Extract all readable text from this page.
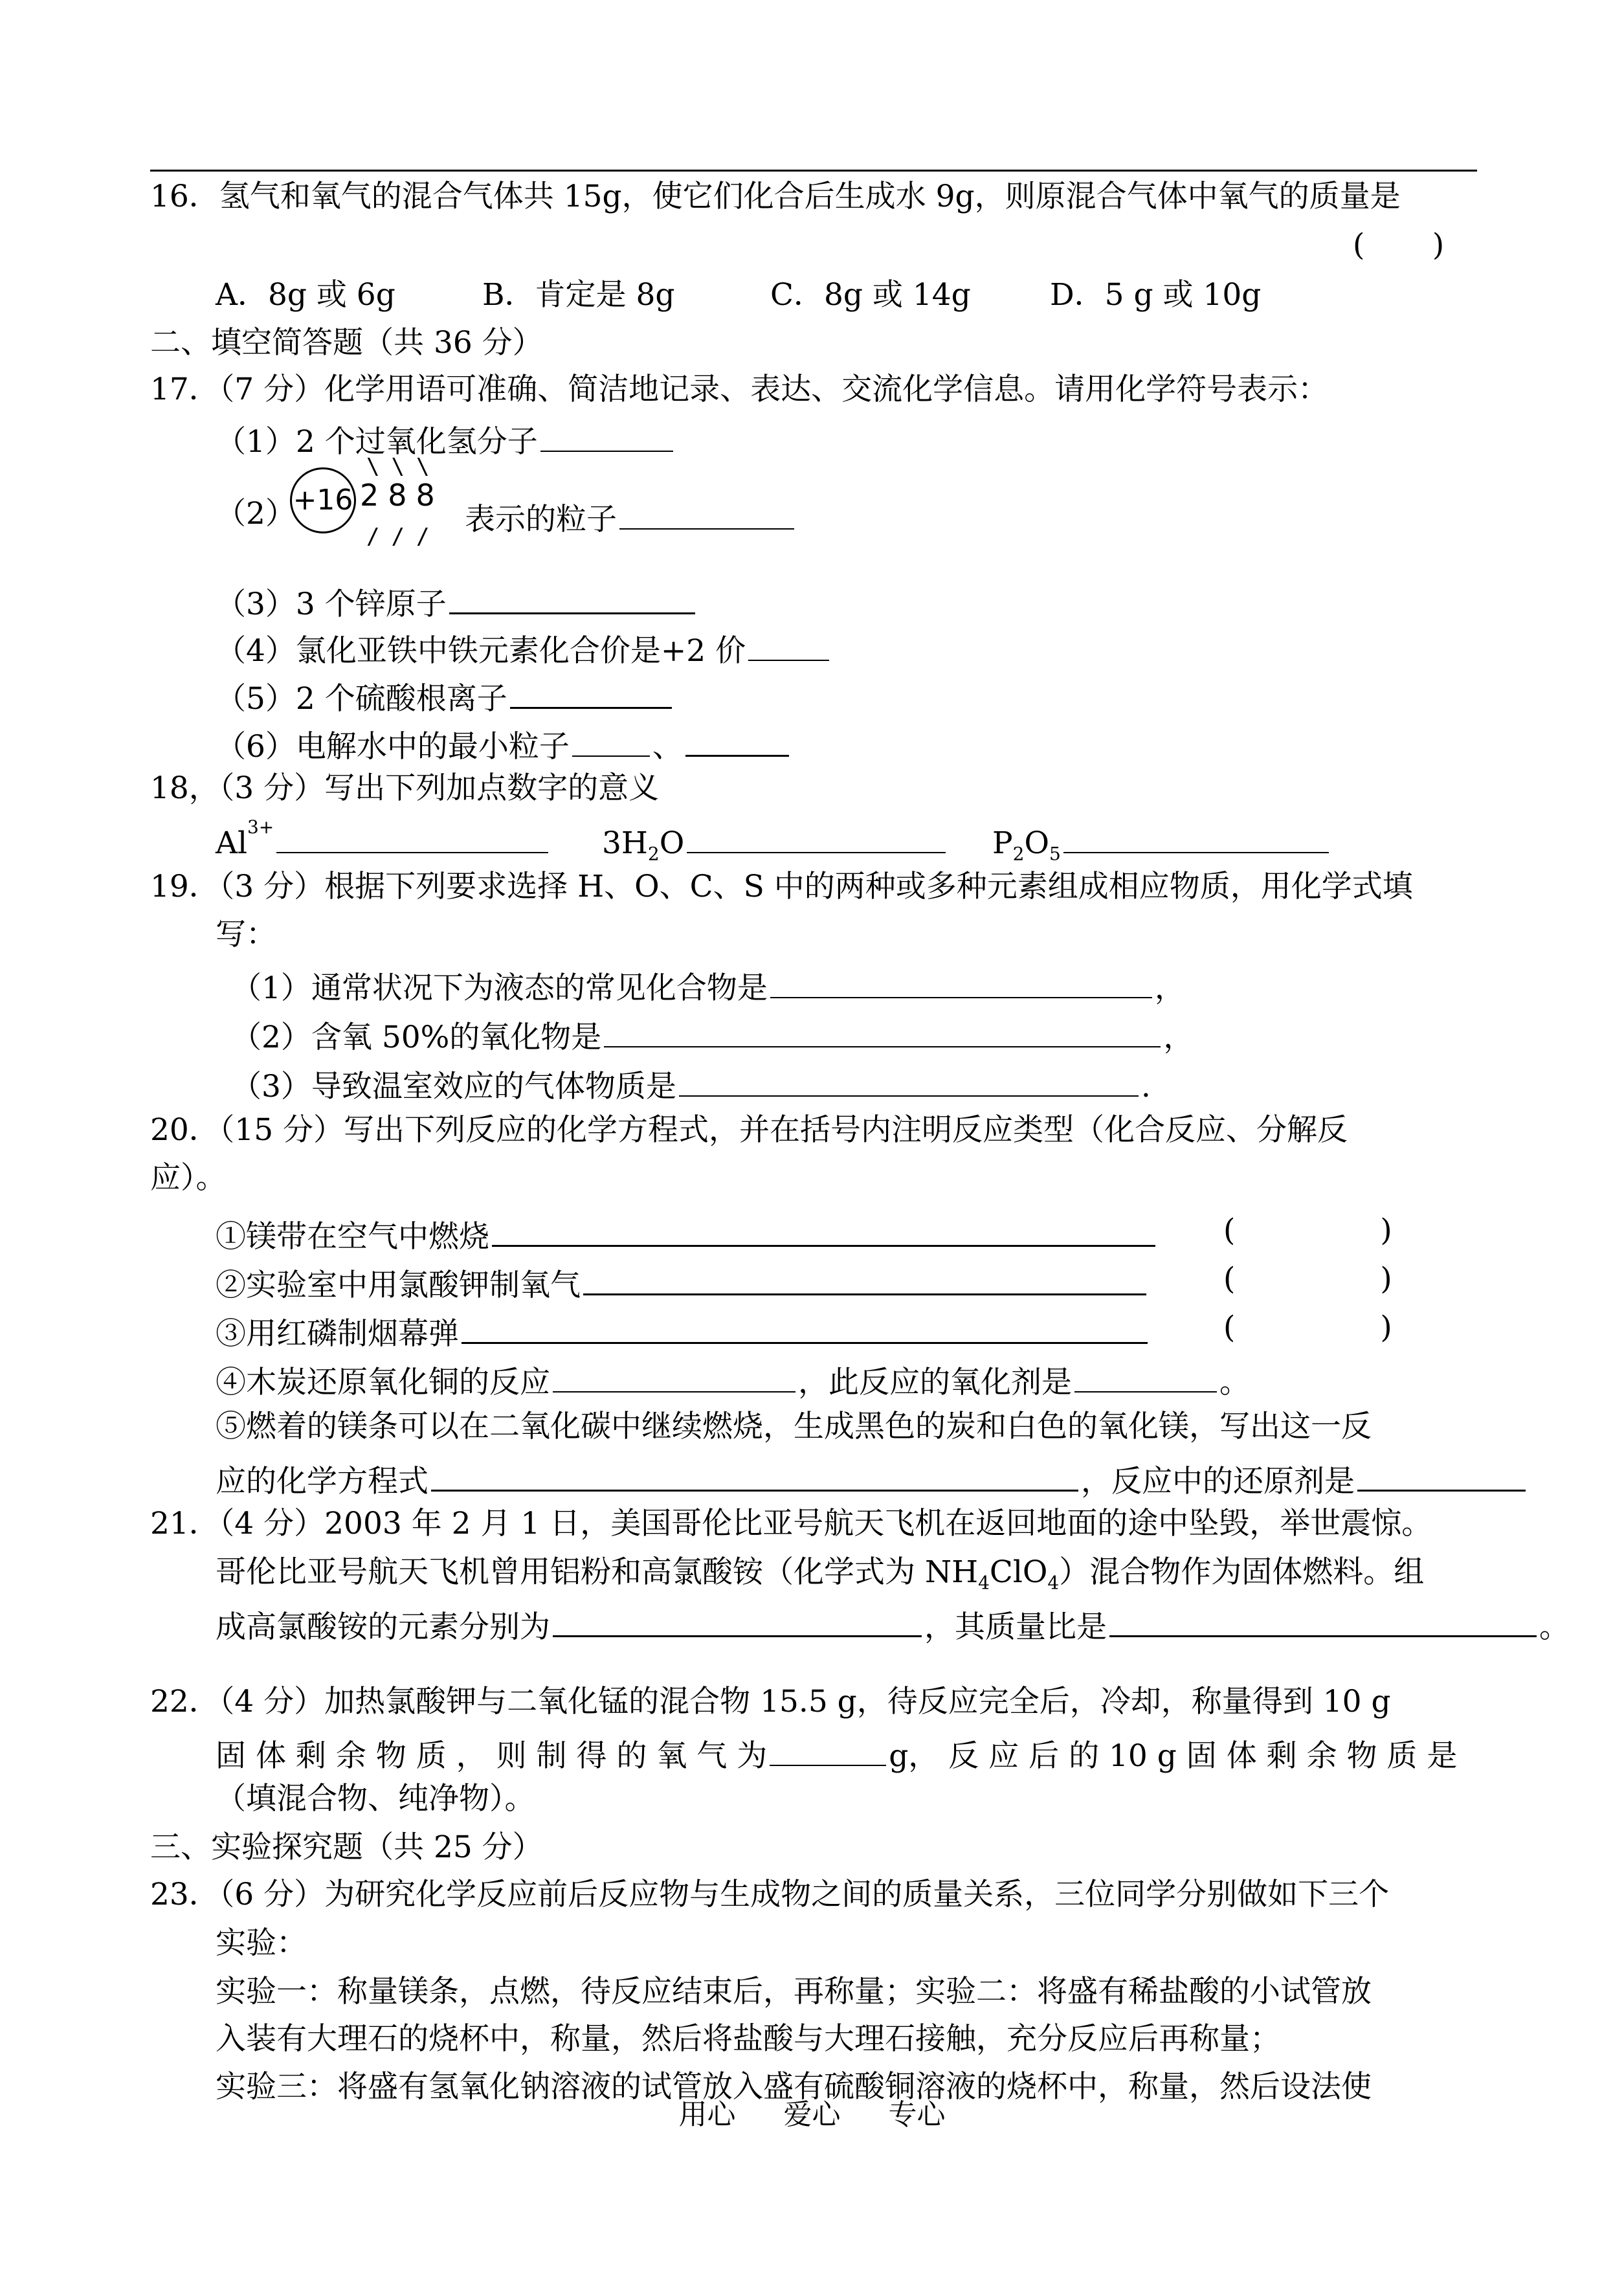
16．氢气和氧气的混合气体共 15g，使它们化合后生成水 9g，则原混合气体中氧气的质量是
(       )
A．8g 或 6g	B．肯定是 8g	C．8g 或 14g	D．5 g 或 10g
二、填空简答题（共 36 分）
17．（7 分）化学用语可准确、简洁地记录、表达、交流化学信息。请用化学符号表示：
（1）2 个过氧化氢分子
（2）
\\\
+16 288
/// 表示的粒子
（3）3 个锌原子
（4）氯化亚铁中铁元素化合价是+2 价
（5）2 个硫酸根离子
（6）电解水中的最小粒子	、
18，（3 分）写出下列加点数字的意义
$Al^{3+}$	$3H_2O$	$P_2O_5$
19．（3 分）根据下列要求选择 H、O、C、S 中的两种或多种元素组成相应物质，用化学式填
写：
（1）通常状况下为液态的常见化合物是	，
（2）含氧 50%的氧化物是	，
（3）导致温室效应的气体物质是	.
20．（15 分）写出下列反应的化学方程式，并在括号内注明反应类型（化合反应、分解反
应）。
①镁带在空气中燃烧	(               )
②实验室中用氯酸钾制氧气	(               )
③用红磷制烟幕弹	(               )
④木炭还原氧化铜的反应	，此反应的氧化剂是	。
⑤燃着的镁条可以在二氧化碳中继续燃烧，生成黑色的炭和白色的氧化镁，写出这一反
应的化学方程式	，反应中的还原剂是
21．（4 分）2003 年 2 月 1 日，美国哥伦比亚号航天飞机在返回地面的途中坠毁，举世震惊。
哥伦比亚号航天飞机曾用铝粉和高氯酸铵（化学式为 $NH_4ClO_4$）混合物作为固体燃料。组
成高氯酸铵的元素分别为	，其质量比是	。
22．（4 分）加热氯酸钾与二氧化锰的混合物 15.5 g，待反应完全后，冷却，称量得到 10 g
固 体 剩 余 物 质 ， 则 制 得 的 氧 气 为	g， 反 应 后 的 10 g 固 体 剩 余 物 质 是
（填混合物、纯净物）。
三、实验探究题（共 25 分）
23．（6 分）为研究化学反应前后反应物与生成物之间的质量关系，三位同学分别做如下三个
实验：
实验一：称量镁条，点燃，待反应结束后，再称量；实验二：将盛有稀盐酸的小试管放
入装有大理石的烧杯中，称量，然后将盐酸与大理石接触，充分反应后再称量；
实验三：将盛有氢氧化钠溶液的试管放入盛有硫酸铜溶液的烧杯中，称量，然后设法使
用心 爱心 专心
